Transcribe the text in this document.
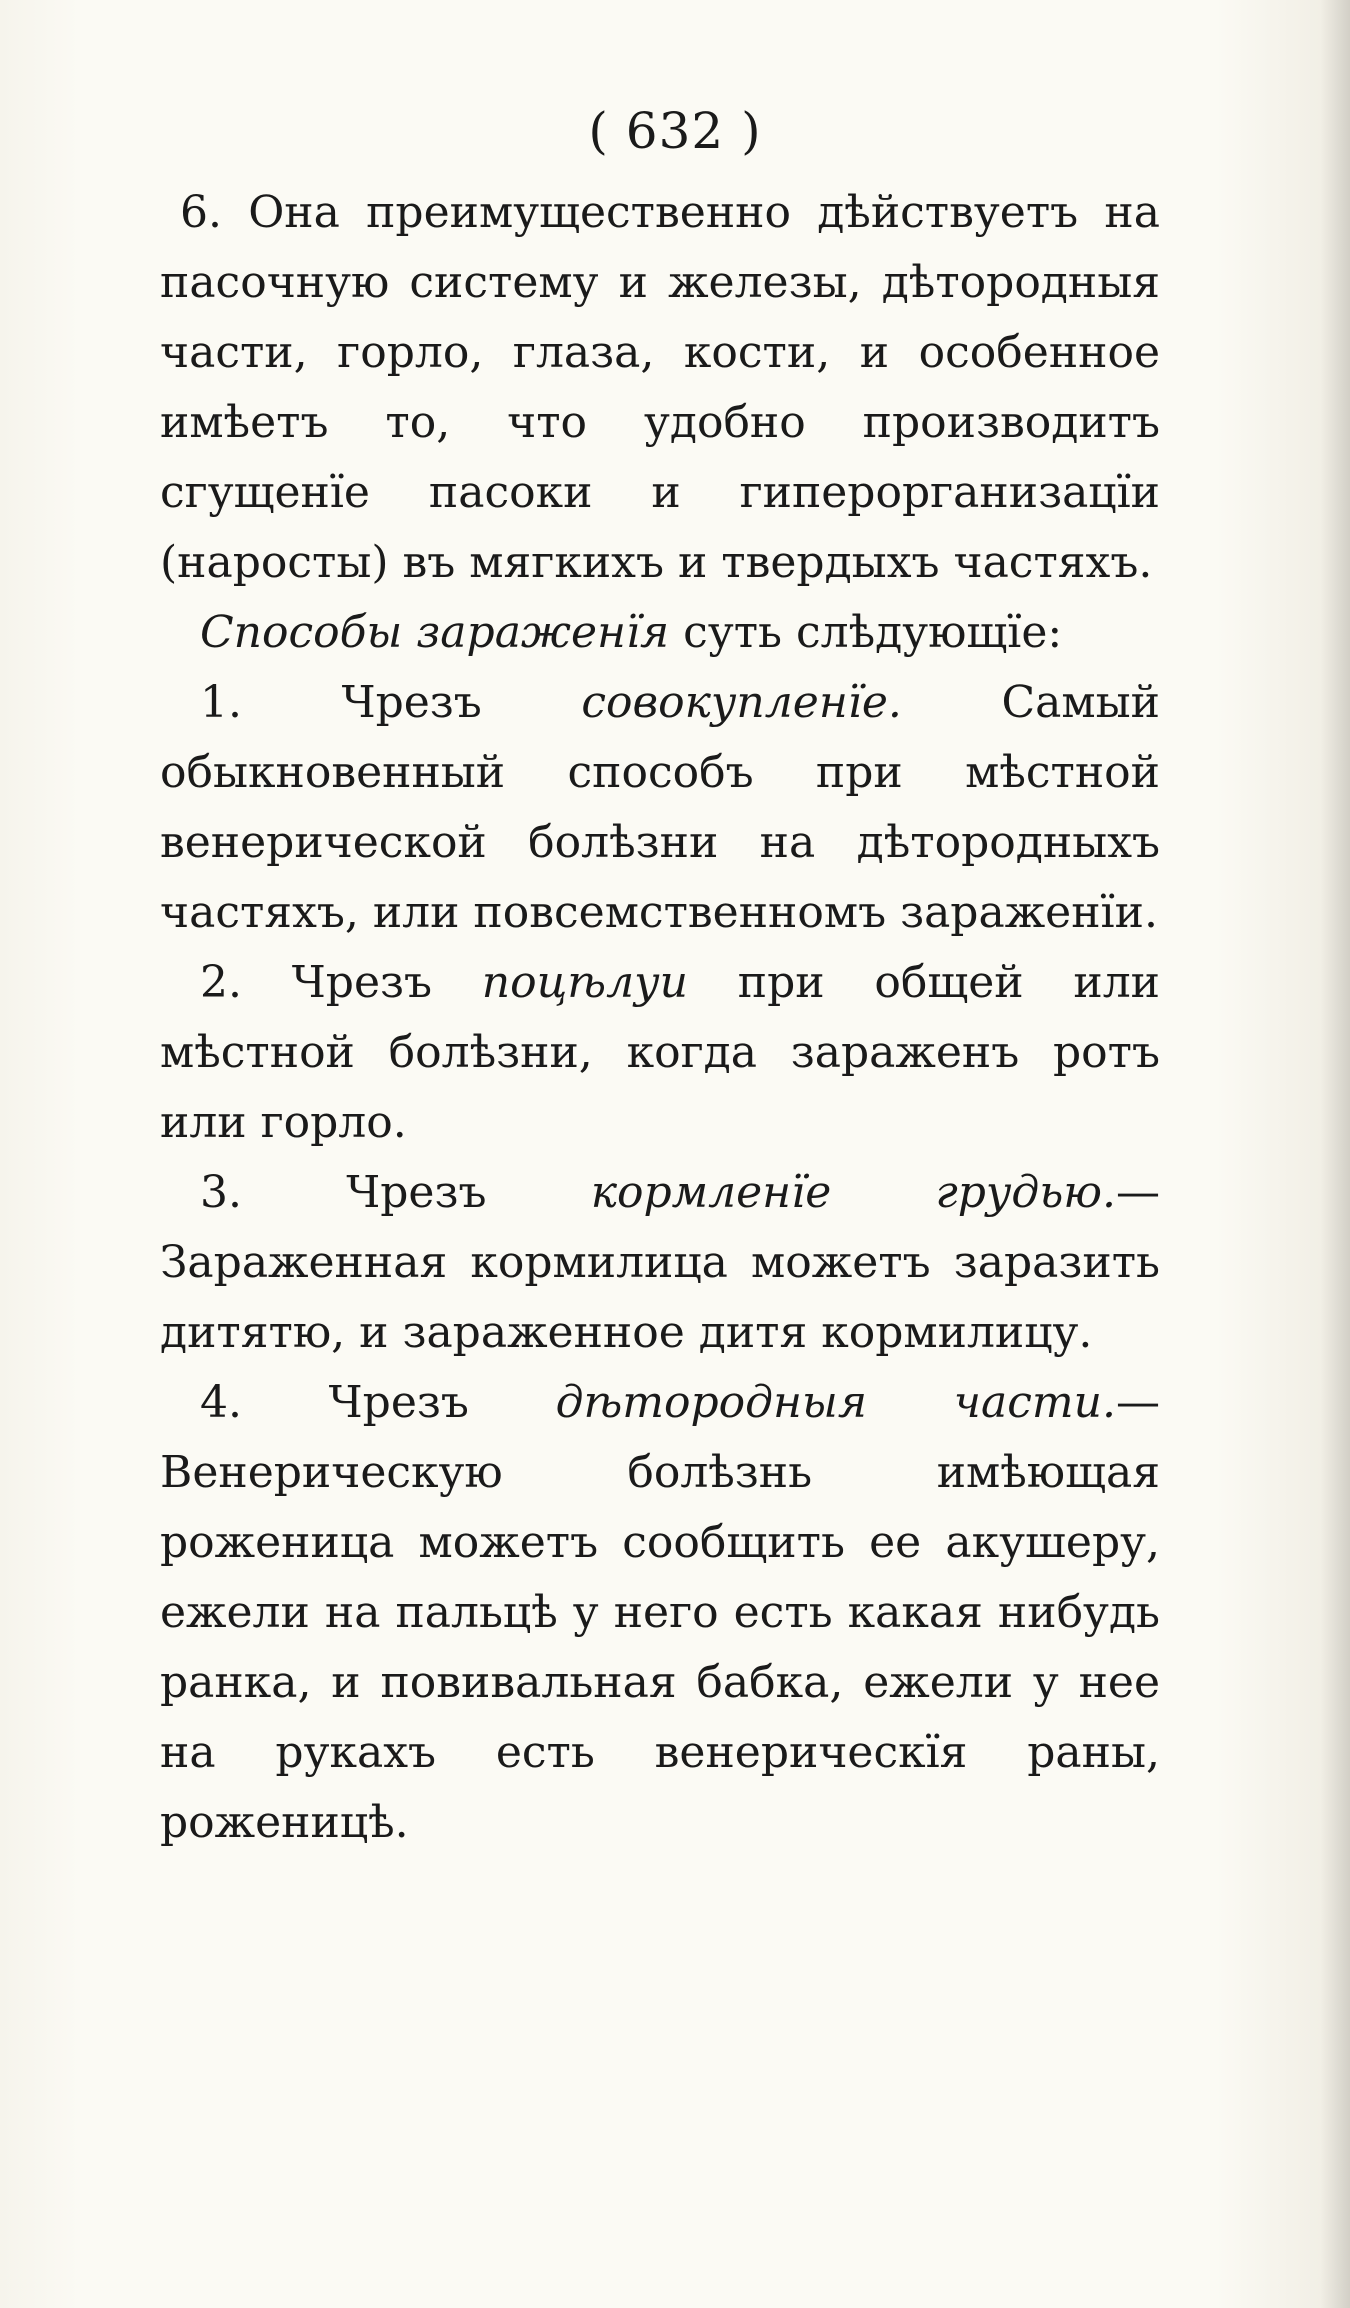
( 632 )

6. Она преимущественно дѣйствуетъ на пасочную систему и железы, дѣтородныя части, горло, глаза, кости, и особенное имѣетъ то, что удобно производитъ сгущенїе пасоки и гиперорганизацїи (наросты) въ мягкихъ и твердыхъ частяхъ.

Способы зараженїя суть слѣдующїе:

1. Чрезъ совокупленїе. Самый обыкновенный способъ при мѣстной венерической болѣзни на дѣтородныхъ частяхъ, или повсемственномъ зараженїи.

2. Чрезъ поцѣлуи при общей или мѣстной болѣзни, когда зараженъ ротъ или горло.

3. Чрезъ кормленїе грудью.— Зараженная кормилица можетъ заразить дитятю, и зараженное дитя кормилицу.

4. Чрезъ дѣтородныя части.—Венерическую болѣзнь имѣющая роженица можетъ сообщить ее акушеру, ежели на пальцѣ у него есть какая нибудь ранка, и повивальная бабка, ежели у нее на рукахъ есть венерическїя раны, роженицѣ.
